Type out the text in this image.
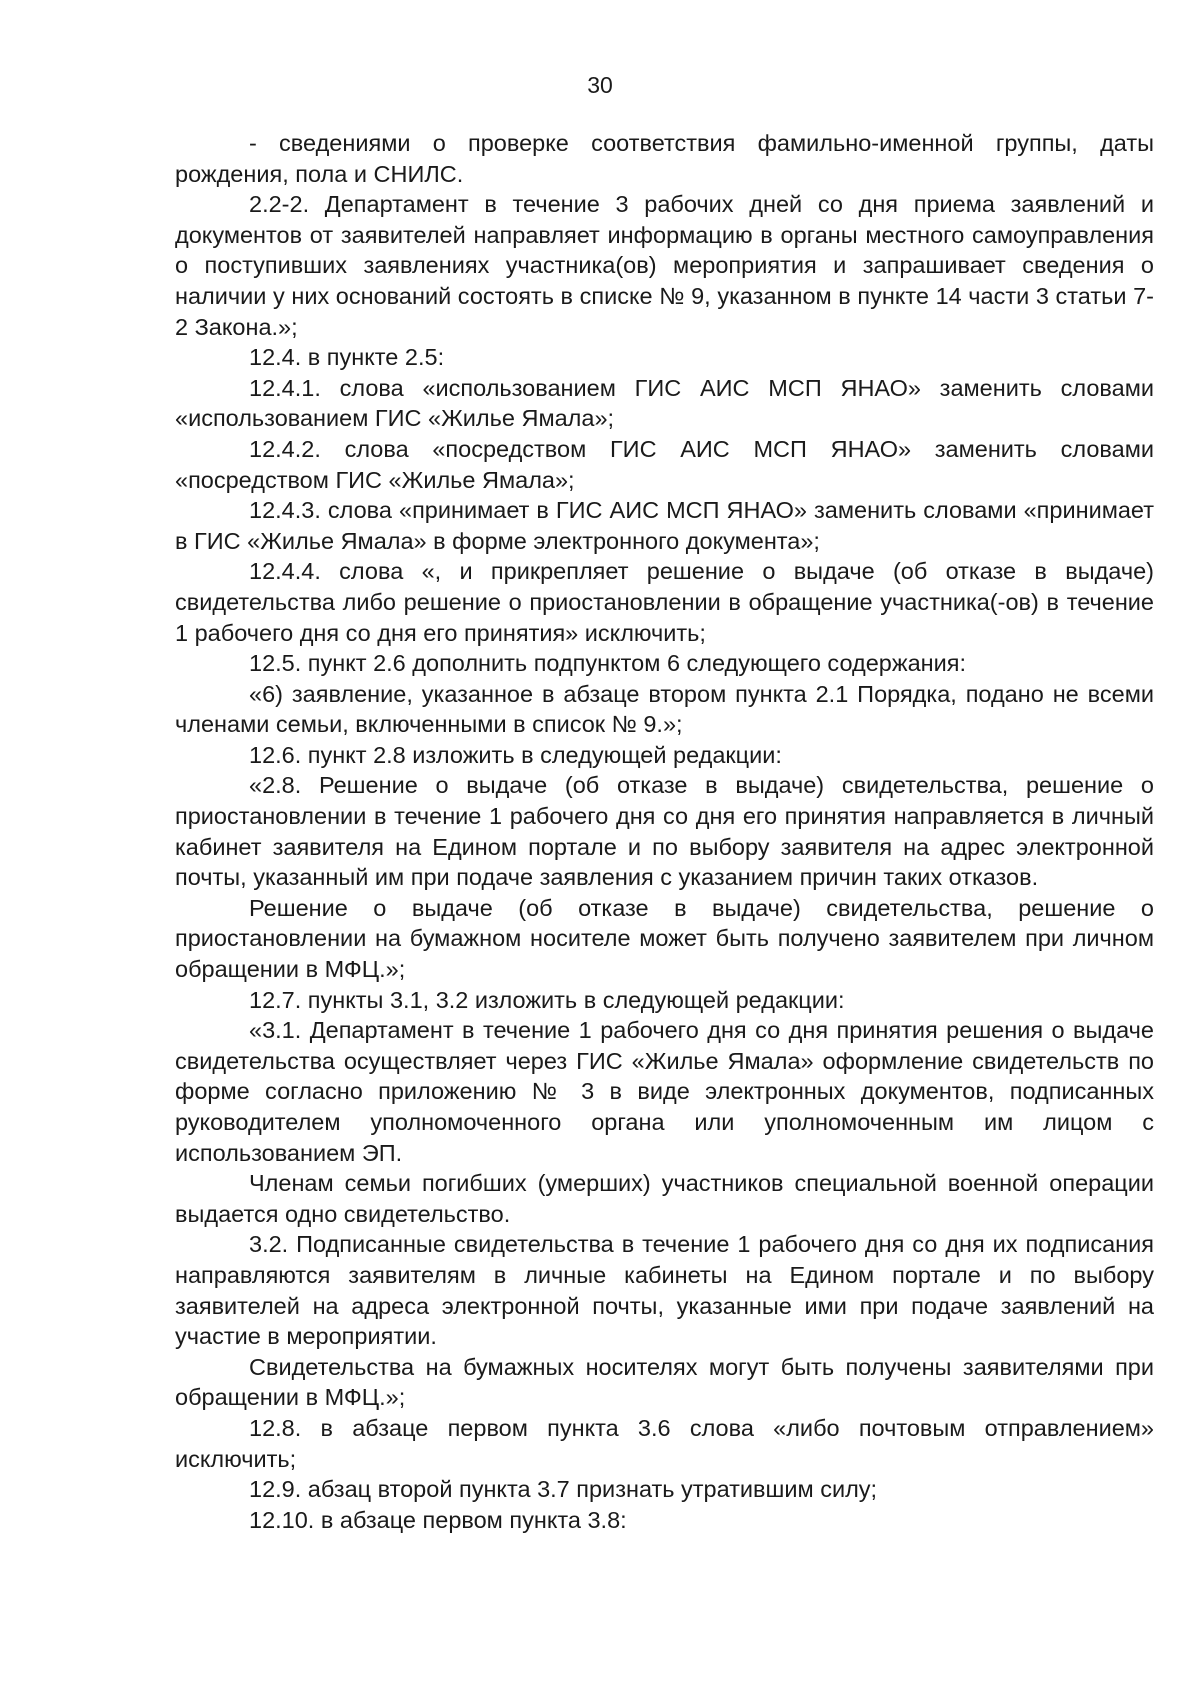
30

- сведениями о проверке соответствия фамильно-именной группы, даты рождения, пола и СНИЛС.

2.2-2. Департамент в течение 3 рабочих дней со дня приема заявлений и документов от заявителей направляет информацию в органы местного самоуправления о поступивших заявлениях участника(ов) мероприятия и запрашивает сведения о наличии у них оснований состоять в списке № 9, указанном в пункте 14 части 3 статьи 7-2 Закона.»;

12.4. в пункте 2.5:

12.4.1. слова «использованием ГИС АИС МСП ЯНАО» заменить словами «использованием ГИС «Жилье Ямала»;

12.4.2. слова «посредством ГИС АИС МСП ЯНАО» заменить словами «посредством ГИС «Жилье Ямала»;

12.4.3. слова «принимает в ГИС АИС МСП ЯНАО» заменить словами «принимает в ГИС «Жилье Ямала» в форме электронного документа»;

12.4.4. слова «, и прикрепляет решение о выдаче (об отказе в выдаче) свидетельства либо решение о приостановлении в обращение участника(-ов) в течение 1 рабочего дня со дня его принятия» исключить;

12.5. пункт 2.6 дополнить подпунктом 6 следующего содержания:

«6) заявление, указанное в абзаце втором пункта 2.1 Порядка, подано не всеми членами семьи, включенными в список № 9.»;

12.6. пункт 2.8 изложить в следующей редакции:

«2.8. Решение о выдаче (об отказе в выдаче) свидетельства, решение о приостановлении в течение 1 рабочего дня со дня его принятия направляется в личный кабинет заявителя на Едином портале и по выбору заявителя на адрес электронной почты, указанный им при подаче заявления с указанием причин таких отказов.

Решение о выдаче (об отказе в выдаче) свидетельства, решение о приостановлении на бумажном носителе может быть получено заявителем при личном обращении в МФЦ.»;

12.7. пункты 3.1, 3.2 изложить в следующей редакции:

«3.1. Департамент в течение 1 рабочего дня со дня принятия решения о выдаче свидетельства осуществляет через ГИС «Жилье Ямала» оформление свидетельств по форме согласно приложению № 3 в виде электронных документов, подписанных руководителем уполномоченного органа или уполномоченным им лицом с использованием ЭП.

Членам семьи погибших (умерших) участников специальной военной операции выдается одно свидетельство.

3.2. Подписанные свидетельства в течение 1 рабочего дня со дня их подписания направляются заявителям в личные кабинеты на Едином портале и по выбору заявителей на адреса электронной почты, указанные ими при подаче заявлений на участие в мероприятии.

Свидетельства на бумажных носителях могут быть получены заявителями при обращении в МФЦ.»;

12.8. в абзаце первом пункта 3.6 слова «либо почтовым отправлением» исключить;

12.9. абзац второй пункта 3.7 признать утратившим силу;

12.10. в абзаце первом пункта 3.8:
